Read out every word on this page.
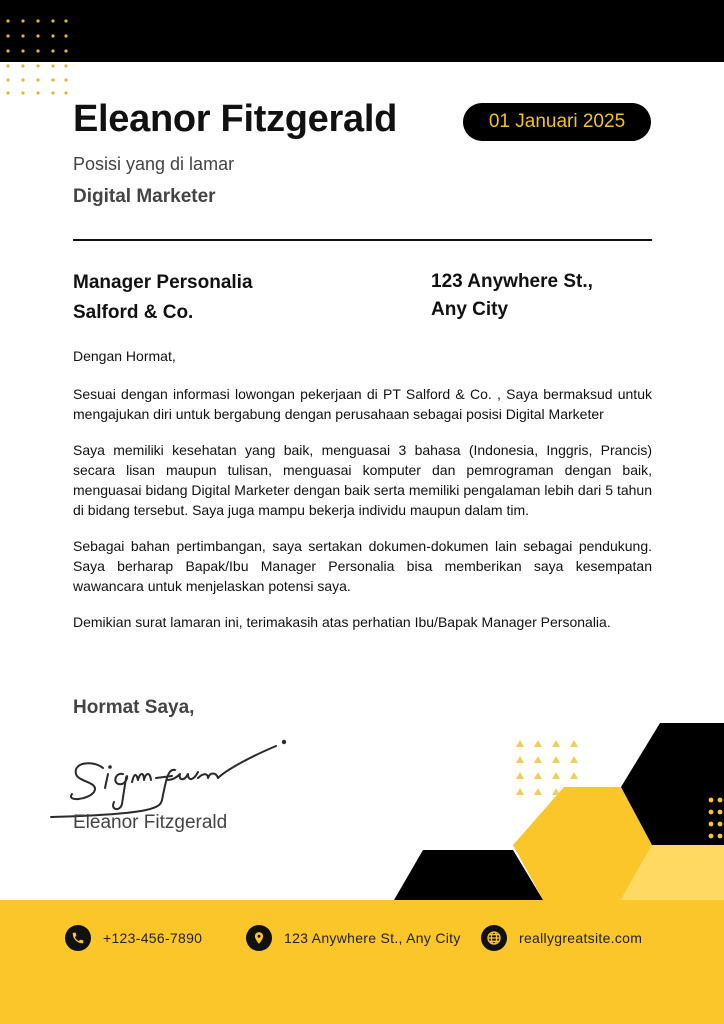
Eleanor Fitzgerald	01 Januari 2025
Posisi yang di lamar
Digital Marketer
Manager Personalia
Salford & Co.
123 Anywhere St.,
Any City

Dengan Hormat,

Sesuai dengan informasi lowongan pekerjaan di PT Salford & Co. , Saya bermaksud untuk mengajukan diri untuk bergabung dengan perusahaan sebagai posisi Digital Marketer

Saya memiliki kesehatan yang baik, menguasai 3 bahasa (Indonesia, Inggris, Prancis) secara lisan maupun tulisan, menguasai komputer dan pemrograman dengan baik, menguasai bidang Digital Marketer dengan baik serta memiliki pengalaman lebih dari 5 tahun di bidang tersebut. Saya juga mampu bekerja individu maupun dalam tim.

Sebagai bahan pertimbangan, saya sertakan dokumen-dokumen lain sebagai pendukung. Saya berharap Bapak/Ibu Manager Personalia bisa memberikan saya kesempatan wawancara untuk menjelaskan potensi saya.

Demikian surat lamaran ini, terimakasih atas perhatian Ibu/Bapak Manager Personalia.

Hormat Saya,
Eleanor Fitzgerald
+123-456-7890	123 Anywhere St., Any City	reallygreatsite.com
